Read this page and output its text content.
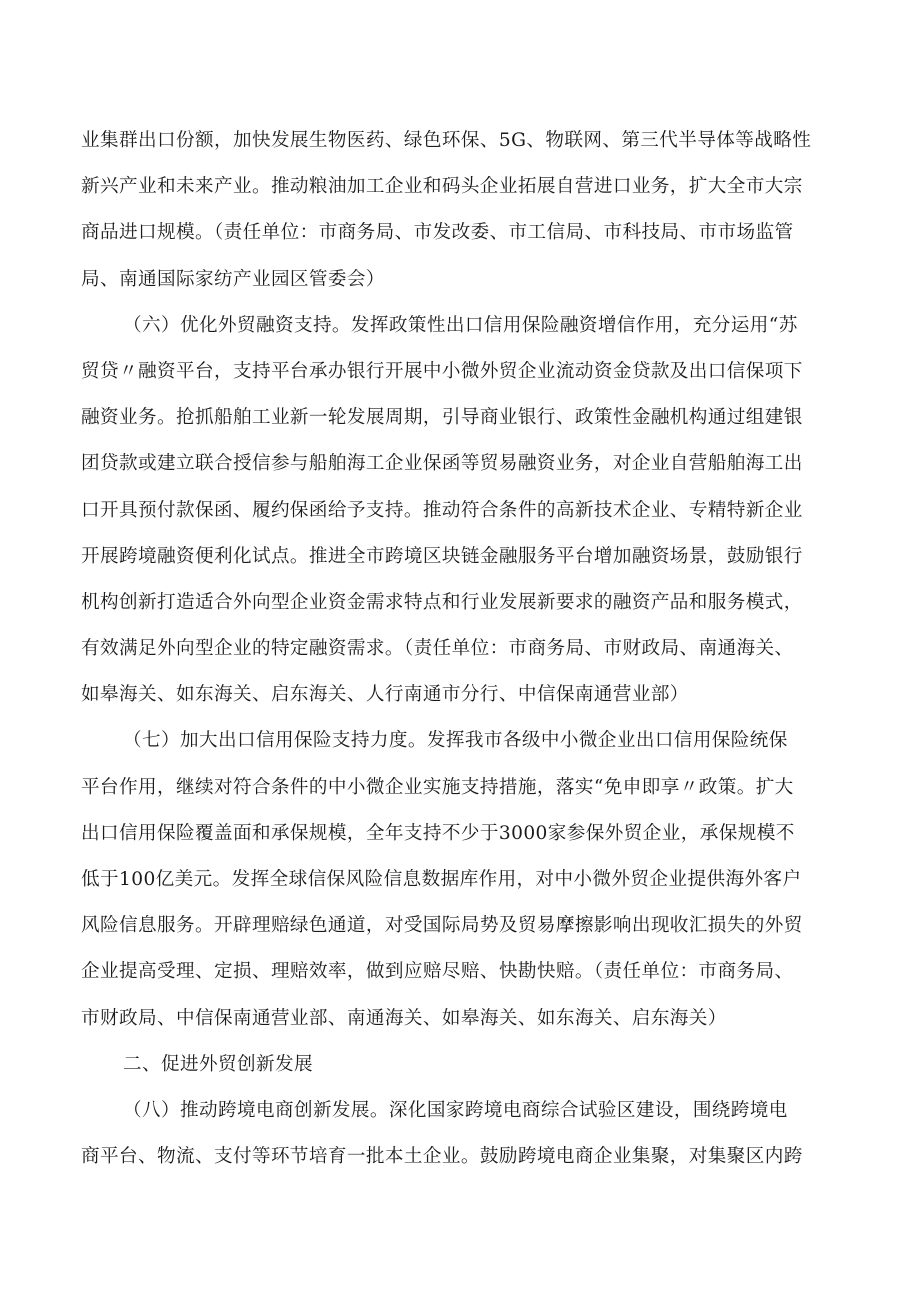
业集群出口份额，加快发展生物医药、绿色环保、5G、物联网、第三代半导体等战略性
新兴产业和未来产业。推动粮油加工企业和码头企业拓展自营进口业务，扩大全市大宗
商品进口规模。（责任单位：市商务局、市发改委、市工信局、市科技局、市市场监管
局、南通国际家纺产业园区管委会）
（六）优化外贸融资支持。发挥政策性出口信用保险融资增信作用，充分运用“苏
贸贷〃融资平台，支持平台承办银行开展中小微外贸企业流动资金贷款及出口信保项下
融资业务。抢抓船舶工业新一轮发展周期，引导商业银行、政策性金融机构通过组建银
团贷款或建立联合授信参与船舶海工企业保函等贸易融资业务，对企业自营船舶海工出
口开具预付款保函、履约保函给予支持。推动符合条件的高新技术企业、专精特新企业
开展跨境融资便利化试点。推进全市跨境区块链金融服务平台增加融资场景，鼓励银行
机构创新打造适合外向型企业资金需求特点和行业发展新要求的融资产品和服务模式，
有效满足外向型企业的特定融资需求。（责任单位：市商务局、市财政局、南通海关、
如皋海关、如东海关、启东海关、人行南通市分行、中信保南通营业部）
（七）加大出口信用保险支持力度。发挥我市各级中小微企业出口信用保险统保
平台作用，继续对符合条件的中小微企业实施支持措施，落实“免申即享〃政策。扩大
出口信用保险覆盖面和承保规模，全年支持不少于3000家参保外贸企业，承保规模不
低于100亿美元。发挥全球信保风险信息数据库作用，对中小微外贸企业提供海外客户
风险信息服务。开辟理赔绿色通道，对受国际局势及贸易摩擦影响出现收汇损失的外贸
企业提高受理、定损、理赔效率，做到应赔尽赔、快勘快赔。（责任单位：市商务局、
市财政局、中信保南通营业部、南通海关、如皋海关、如东海关、启东海关）
二、促进外贸创新发展
（八）推动跨境电商创新发展。深化国家跨境电商综合试验区建设，围绕跨境电
商平台、物流、支付等环节培育一批本土企业。鼓励跨境电商企业集聚，对集聚区内跨
